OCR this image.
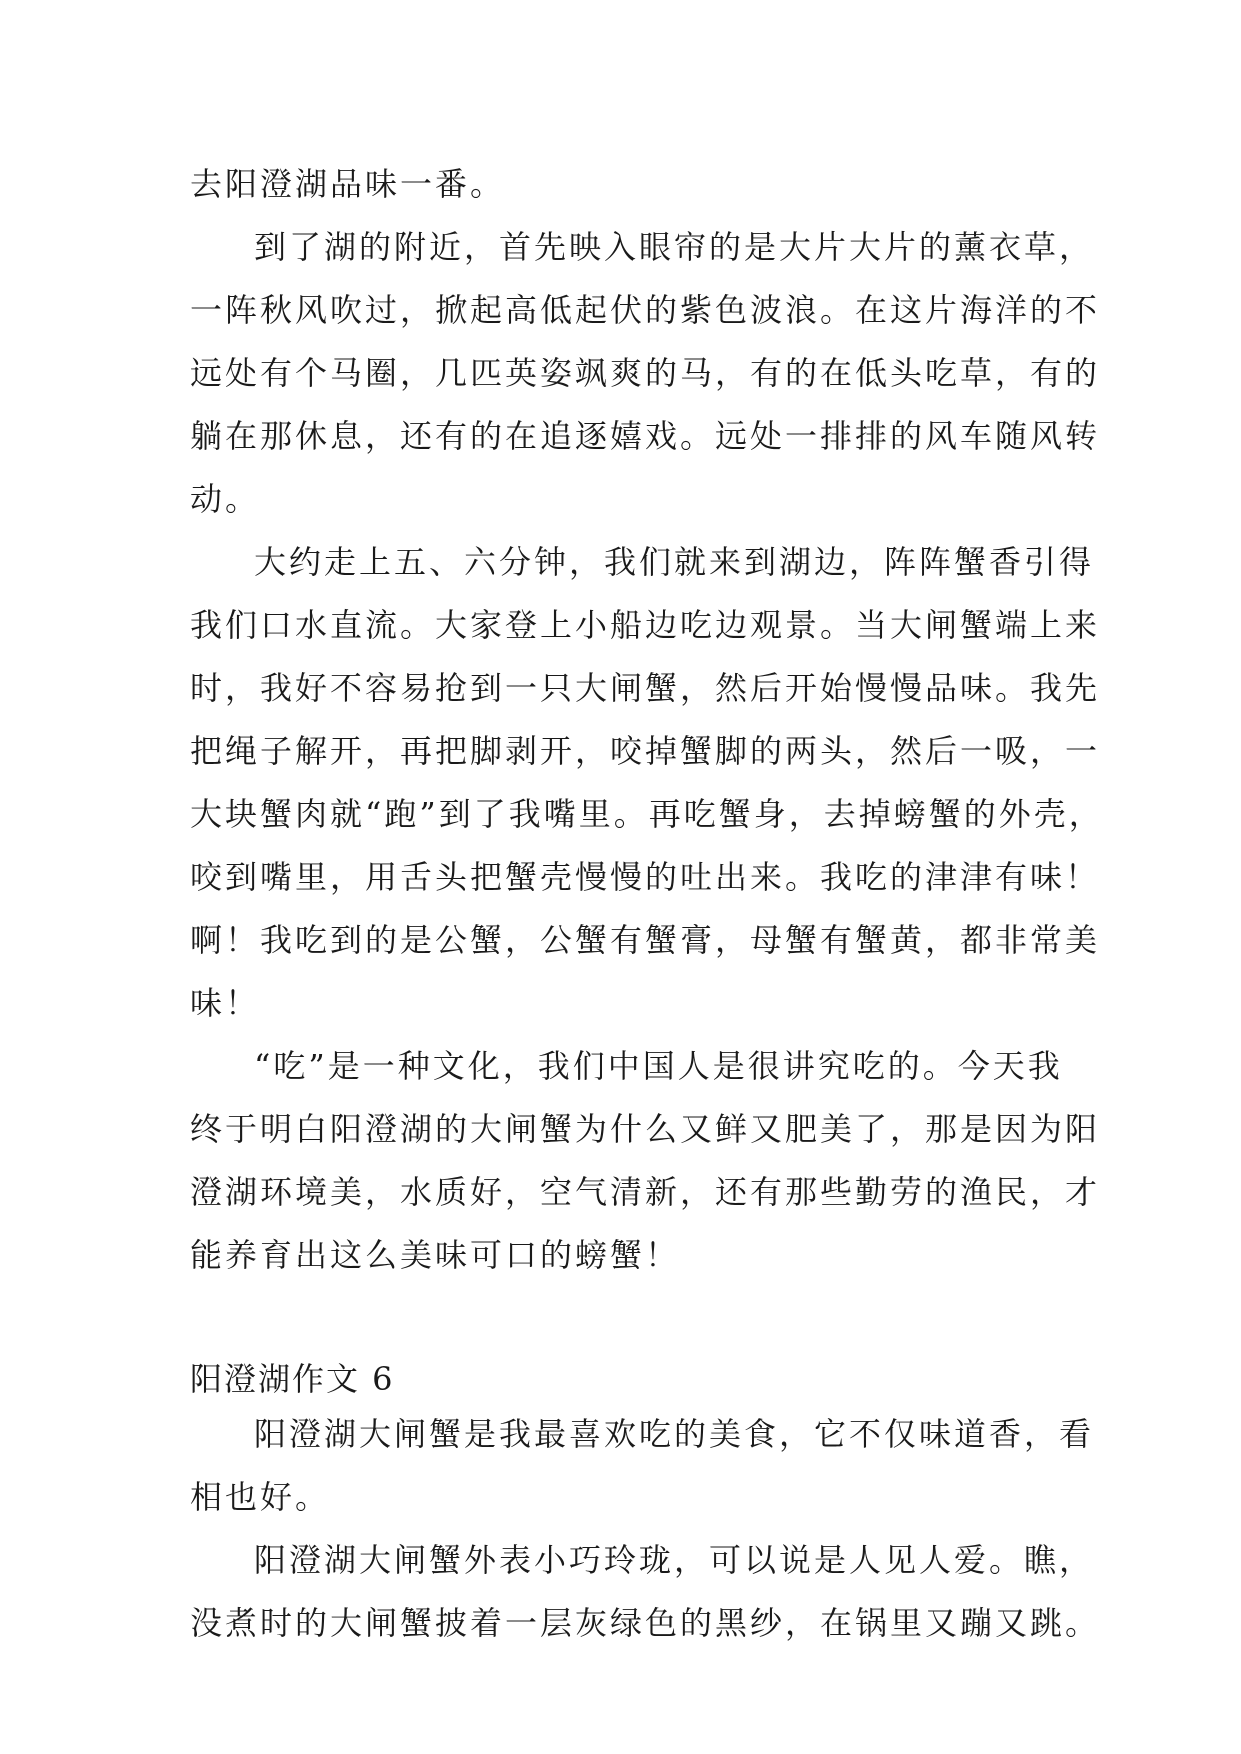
去阳澄湖品味一番。
到了湖的附近，首先映入眼帘的是大片大片的薰衣草，
一阵秋风吹过，掀起高低起伏的紫色波浪。在这片海洋的不
远处有个马圈，几匹英姿飒爽的马，有的在低头吃草，有的
躺在那休息，还有的在追逐嬉戏。远处一排排的风车随风转
动。
大约走上五、六分钟，我们就来到湖边，阵阵蟹香引得
我们口水直流。大家登上小船边吃边观景。当大闸蟹端上来
时，我好不容易抢到一只大闸蟹，然后开始慢慢品味。我先
把绳子解开，再把脚剥开，咬掉蟹脚的两头，然后一吸，一
大块蟹肉就“跑”到了我嘴里。再吃蟹身，去掉螃蟹的外壳，
咬到嘴里，用舌头把蟹壳慢慢的吐出来。我吃的津津有味！
啊！我吃到的是公蟹，公蟹有蟹膏，母蟹有蟹黄，都非常美
味！
“吃”是一种文化，我们中国人是很讲究吃的。今天我
终于明白阳澄湖的大闸蟹为什么又鲜又肥美了，那是因为阳
澄湖环境美，水质好，空气清新，还有那些勤劳的渔民，才
能养育出这么美味可口的螃蟹！
阳澄湖作文 6
阳澄湖大闸蟹是我最喜欢吃的美食，它不仅味道香，看
相也好。
阳澄湖大闸蟹外表小巧玲珑，可以说是人见人爱。瞧，
没煮时的大闸蟹披着一层灰绿色的黑纱，在锅里又蹦又跳。
